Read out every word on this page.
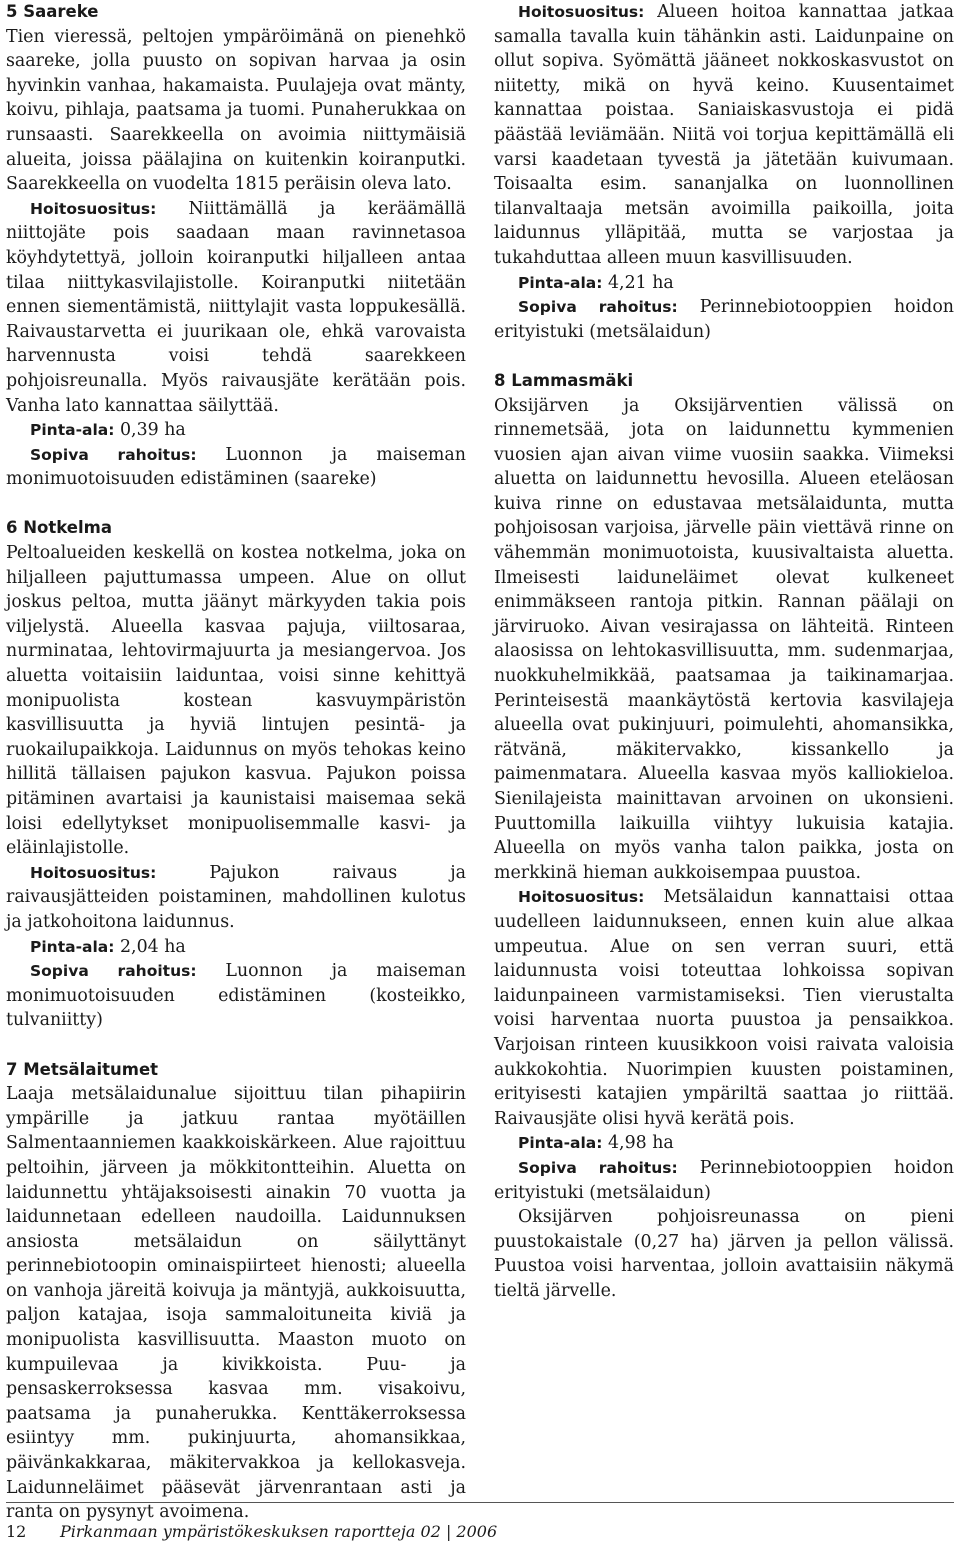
5 Saareke

Tien vieressä, peltojen ympäröimänä on pienehkö saareke, jolla puusto on sopivan harvaa ja osin hyvinkin vanhaa, hakamaista. Puulajeja ovat mänty, koivu, pihlaja, paatsama ja tuomi. Punaherukkaa on runsaasti. Saarekkeella on avoimia niittymäisiä alueita, joissa päälajina on kuitenkin koiranputki. Saarekkeella on vuodelta 1815 peräisin oleva lato.

Hoitosuositus: Niittämällä ja keräämällä niittojäte pois saadaan maan ravinnetasoa köyhdytettyä, jolloin koiranputki hiljalleen antaa tilaa niittykasvilajistolle. Koiranputki niitetään ennen siementämistä, niittylajit vasta loppukesällä. Raivaustarvetta ei juurikaan ole, ehkä varovaista harvennusta voisi tehdä saarekkeen pohjoisreunalla. Myös raivausjäte kerätään pois. Vanha lato kannattaa säilyttää.

Pinta-ala: 0,39 ha

Sopiva rahoitus: Luonnon ja maiseman monimuotoisuuden edistäminen (saareke)

6 Notkelma

Peltoalueiden keskellä on kostea notkelma, joka on hiljalleen pajuttumassa umpeen. Alue on ollut joskus peltoa, mutta jäänyt märkyyden takia pois viljelystä. Alueella kasvaa pajuja, viiltosaraa, nurminataa, lehtovirmajuurta ja mesiangervoa. Jos aluetta voitaisiin laiduntaa, voisi sinne kehittyä monipuolista kostean kasvuympäristön kasvillisuutta ja hyviä lintujen pesintä- ja ruokailupaikkoja. Laidunnus on myös tehokas keino hillitä tällaisen pajukon kasvua. Pajukon poissa pitäminen avartaisi ja kaunistaisi maisemaa sekä loisi edellytykset monipuolisemmalle kasvi- ja eläinlajistolle.

Hoitosuositus: Pajukon raivaus ja raivausjätteiden poistaminen, mahdollinen kulotus ja jatkohoitona laidunnus.

Pinta-ala: 2,04 ha

Sopiva rahoitus: Luonnon ja maiseman monimuotoisuuden edistäminen (kosteikko, tulvaniitty)

7 Metsälaitumet

Laaja metsälaidunalue sijoittuu tilan pihapiirin ympärille ja jatkuu rantaa myötäillen Salmentaanniemen kaakkoiskärkeen. Alue rajoittuu peltoihin, järveen ja mökkitontteihin. Aluetta on laidunnettu yhtäjaksoisesti ainakin 70 vuotta ja laidunnetaan edelleen naudoilla. Laidunnuksen ansiosta metsälaidun on säilyttänyt perinnebiotoopin ominaispiirteet hienosti; alueella on vanhoja järeitä koivuja ja mäntyjä, aukkoisuutta, paljon katajaa, isoja sammaloituneita kiviä ja monipuolista kasvillisuutta. Maaston muoto on kumpuilevaa ja kivikkoista. Puu- ja pensaskerroksessa kasvaa mm. visakoivu, paatsama ja punaherukka. Kenttäkerroksessa esiintyy mm. pukinjuurta, ahomansikkaa, päivänkakkaraa, mäkitervakkoa ja kellokasveja. Laidunneläimet pääsevät järvenrantaan asti ja ranta on pysynyt avoimena.

Hoitosuositus: Alueen hoitoa kannattaa jatkaa samalla tavalla kuin tähänkin asti. Laidunpaine on ollut sopiva. Syömättä jääneet nokkoskasvustot on niitetty, mikä on hyvä keino. Kuusentaimet kannattaa poistaa. Saniaiskasvustoja ei pidä päästää leviämään. Niitä voi torjua kepittämällä eli varsi kaadetaan tyvestä ja jätetään kuivumaan. Toisaalta esim. sananjalka on luonnollinen tilanvaltaaja metsän avoimilla paikoilla, joita laidunnus ylläpitää, mutta se varjostaa ja tukahduttaa alleen muun kasvillisuuden.

Pinta-ala: 4,21 ha

Sopiva rahoitus: Perinnebiotooppien hoidon erityistuki (metsälaidun)

8 Lammasmäki

Oksijärven ja Oksijärventien välissä on rinnemetsää, jota on laidunnettu kymmenien vuosien ajan aivan viime vuosiin saakka. Viimeksi aluetta on laidunnettu hevosilla. Alueen eteläosan kuiva rinne on edustavaa metsälaidunta, mutta pohjoisosan varjoisa, järvelle päin viettävä rinne on vähemmän monimuotoista, kuusivaltaista aluetta. Ilmeisesti laiduneläimet olevat kulkeneet enimmäkseen rantoja pitkin. Rannan päälaji on järviruoko. Aivan vesirajassa on lähteitä. Rinteen alaosissa on lehtokasvillisuutta, mm. sudenmarjaa, nuokkuhelmikkää, paatsamaa ja taikinamarjaa. Perinteisestä maankäytöstä kertovia kasvilajeja alueella ovat pukinjuuri, poimulehti, ahomansikka, rätvänä, mäkitervakko, kissankello ja paimenmatara. Alueella kasvaa myös kalliokieloa. Sienilajeista mainittavan arvoinen on ukonsieni. Puuttomilla laikuilla viihtyy lukuisia katajia. Alueella on myös vanha talon paikka, josta on merkkinä hieman aukkoisempaa puustoa.

Hoitosuositus: Metsälaidun kannattaisi ottaa uudelleen laidunnukseen, ennen kuin alue alkaa umpeutua. Alue on sen verran suuri, että laidunnusta voisi toteuttaa lohkoissa sopivan laidunpaineen varmistamiseksi. Tien vierustalta voisi harventaa nuorta puustoa ja pensaikkoa. Varjoisan rinteen kuusikkoon voisi raivata valoisia aukkokohtia. Nuorimpien kuusten poistaminen, erityisesti katajien ympäriltä saattaa jo riittää. Raivausjäte olisi hyvä kerätä pois.

Pinta-ala: 4,98 ha

Sopiva rahoitus: Perinnebiotooppien hoidon erityistuki (metsälaidun)

Oksijärven pohjoisreunassa on pieni puustokaistale (0,27 ha) järven ja pellon välissä. Puustoa voisi harventaa, jolloin avattaisiin näkymä tieltä järvelle.

12 Pirkanmaan ympäristökeskuksen raportteja 02 | 2006
